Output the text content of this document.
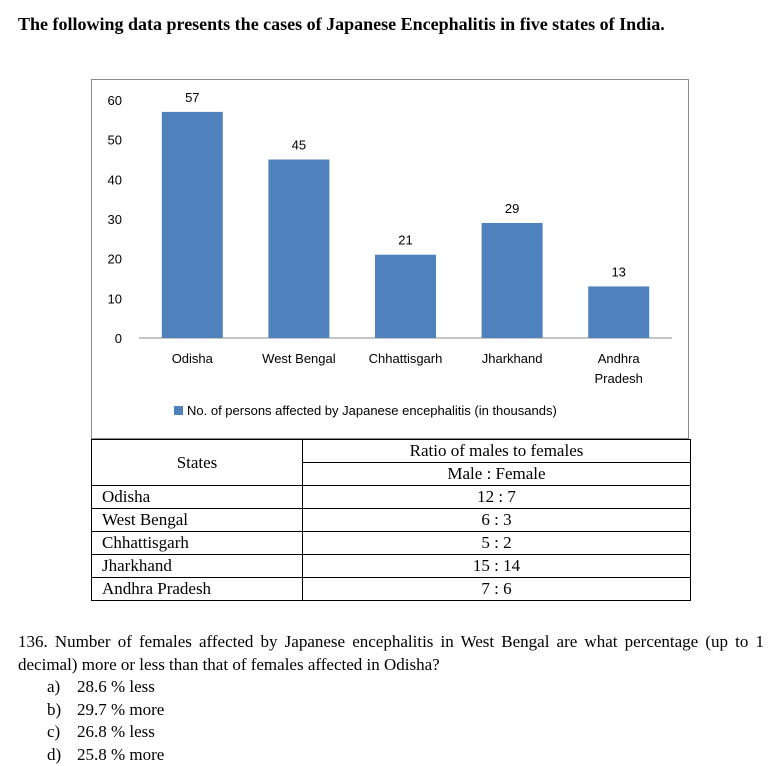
The following data presents the cases of Japanese Encephalitis in five states of India.
60
50
40
30
20
10
0
57
Odisha
45
West Bengal
21
Chhattisgarh
29
Jharkhand
13
Andhra
Pradesh
No. of persons affected by Japanese encephalitis (in thousands)
States	Ratio of males to females
	Male : Female
Odisha	12 : 7
West Bengal	6 : 3
Chhattisgarh	5 : 2
Jharkhand	15 : 14
Andhra Pradesh	7 : 6
136. Number of females affected by Japanese encephalitis in West Bengal are what percentage (up to 1 decimal) more or less than that of females affected in Odisha?
a) 28.6 % less
b) 29.7 % more
c) 26.8 % less
d) 25.8 % more
